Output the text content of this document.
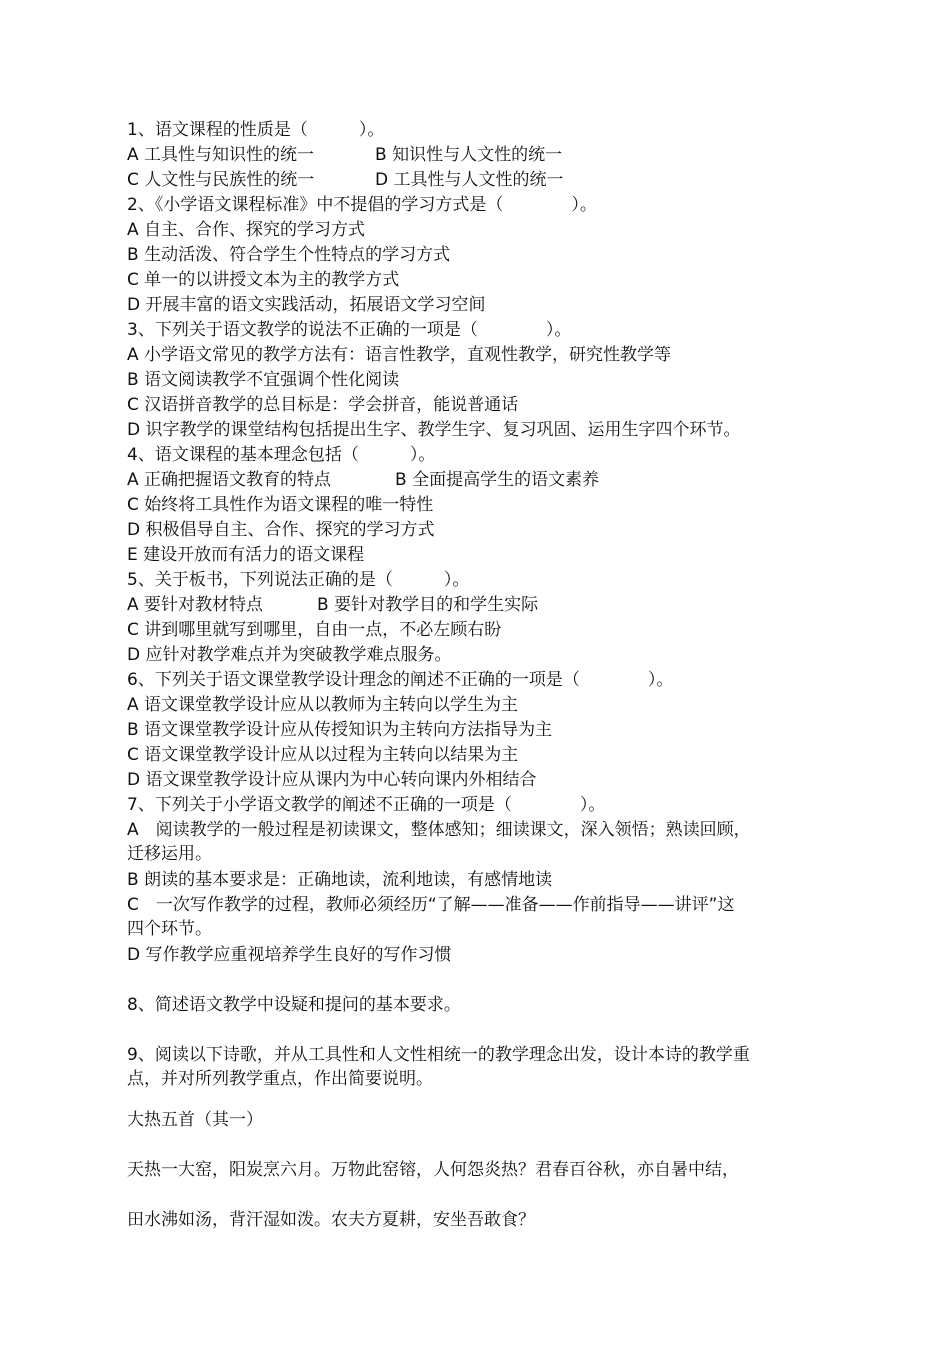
1、语文课程的性质是（　　　）。
A 工具性与知识性的统一	B 知识性与人文性的统一
C 人文性与民族性的统一	D 工具性与人文性的统一
2、《小学语文课程标准》中不提倡的学习方式是（　　　　）。
A 自主、合作、探究的学习方式
B 生动活泼、符合学生个性特点的学习方式
C 单一的以讲授文本为主的教学方式
D 开展丰富的语文实践活动，拓展语文学习空间
3、下列关于语文教学的说法不正确的一项是（　　　　）。
A 小学语文常见的教学方法有：语言性教学，直观性教学，研究性教学等
B 语文阅读教学不宜强调个性化阅读
C 汉语拼音教学的总目标是：学会拼音，能说普通话
D 识字教学的课堂结构包括提出生字、教学生字、复习巩固、运用生字四个环节。
4、语文课程的基本理念包括（　　　）。
A 正确把握语文教育的特点	B 全面提高学生的语文素养
C 始终将工具性作为语文课程的唯一特性
D 积极倡导自主、合作、探究的学习方式
E 建设开放而有活力的语文课程
5、关于板书，下列说法正确的是（　　　）。
A 要针对教材特点	B 要针对教学目的和学生实际
C 讲到哪里就写到哪里，自由一点，不必左顾右盼
D 应针对教学难点并为突破教学难点服务。
6、下列关于语文课堂教学设计理念的阐述不正确的一项是（　　　　）。
A 语文课堂教学设计应从以教师为主转向以学生为主
B 语文课堂教学设计应从传授知识为主转向方法指导为主
C 语文课堂教学设计应从以过程为主转向以结果为主
D 语文课堂教学设计应从课内为中心转向课内外相结合
7、下列关于小学语文教学的阐述不正确的一项是（　　　　）。
A　阅读教学的一般过程是初读课文，整体感知；细读课文，深入领悟；熟读回顾，
迁移运用。
B 朗读的基本要求是：正确地读，流利地读，有感情地读
C　一次写作教学的过程，教师必须经历“了解——准备——作前指导——讲评”这
四个环节。
D 写作教学应重视培养学生良好的写作习惯
8、简述语文教学中设疑和提问的基本要求。
9、阅读以下诗歌，并从工具性和人文性相统一的教学理念出发，设计本诗的教学重
点，并对所列教学重点，作出简要说明。
大热五首（其一）
天热一大窑，阳炭烹六月。万物此窑镕，人何怨炎热？君春百谷秋，亦自暑中结，
田水沸如汤，背汗湿如泼。农夫方夏耕，安坐吾敢食？
